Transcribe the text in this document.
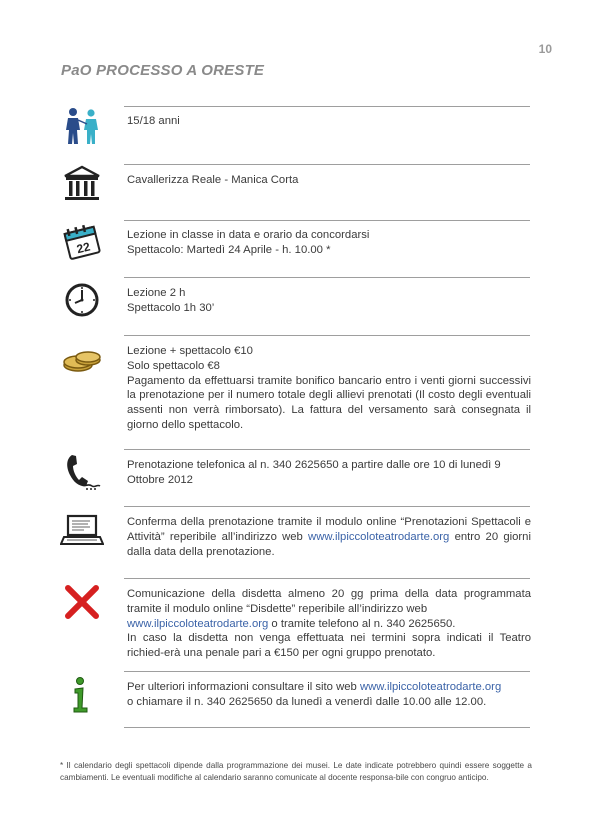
10
PaO PROCESSO A ORESTE

15/18 anni

Cavallerizza Reale - Manica Corta

22

Lezione in classe in data e orario da concordarsi

Spettacolo: Martedì 24 Aprile - h. 10.00 *

Lezione 2 h

Spettacolo 1h 30’

Lezione + spettacolo €10

Solo spettacolo €8

Pagamento da effettuarsi tramite bonifico bancario entro i venti giorni successivi la prenotazione per il numero totale degli allievi prenotati (Il costo degli eventuali assenti non verrà rimborsato). La fattura del versamento sarà consegnata il giorno dello spettacolo.

Prenotazione telefonica al n. 340 2625650 a partire dalle ore 10 di lunedì 9 Ottobre 2012

Conferma della prenotazione tramite il modulo online “Prenotazioni Spettacoli e Attività” reperibile all’indirizzo web www.ilpiccoloteatrodarte.org entro 20 giorni dalla data della prenotazione.

Comunicazione della disdetta almeno 20 gg prima della data programmata tramite il modulo online “Disdette” reperibile all’indirizzo web

www.ilpiccoloteatrodarte.org o tramite telefono al n. 340 2625650.

In caso la disdetta non venga effettuata nei termini sopra indicati il Teatro richied-erà una penale pari a €150 per ogni gruppo prenotato.

Per ulteriori informazioni consultare il sito web www.ilpiccoloteatrodarte.org

o chiamare il n. 340 2625650 da lunedì a venerdì dalle 10.00 alle 12.00.

* Il calendario degli spettacoli dipende dalla programmazione dei musei. Le date indicate potrebbero quindi essere soggette a cambiamenti. Le eventuali modifiche al calendario saranno comunicate al docente responsa-bile con congruo anticipo.
